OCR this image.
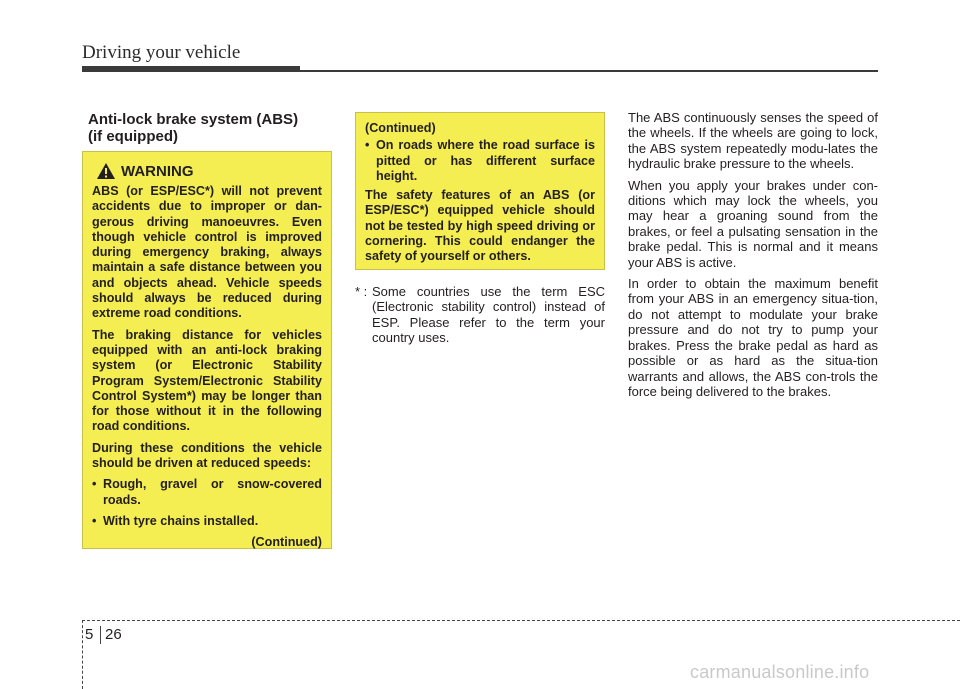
Driving your vehicle
Anti-lock brake system (ABS)
(if equipped)
WARNING

ABS (or ESP/ESC*) will not prevent accidents due to improper or dan-gerous driving manoeuvres. Even though vehicle control is improved during emergency braking, always maintain a safe distance between you and objects ahead. Vehicle speeds should always be reduced during extreme road conditions.

The braking distance for vehicles equipped with an anti-lock braking system (or Electronic Stability Program System/Electronic Stability Control System*) may be longer than for those without it in the following road conditions.

During these conditions the vehicle should be driven at reduced speeds:

• Rough, gravel or snow-covered roads.
• With tyre chains installed.
(Continued)

(Continued)

• On roads where the road surface is pitted or has different surface height.

The safety features of an ABS (or ESP/ESC*) equipped vehicle should not be tested by high speed driving or cornering. This could endanger the safety of yourself or others.

* : Some countries use the term ESC (Electronic stability control) instead of ESP. Please refer to the term your country uses.

The ABS continuously senses the speed of the wheels. If the wheels are going to lock, the ABS system repeatedly modu-lates the hydraulic brake pressure to the wheels.

When you apply your brakes under con-ditions which may lock the wheels, you may hear a groaning sound from the brakes, or feel a pulsating sensation in the brake pedal. This is normal and it means your ABS is active.

In order to obtain the maximum benefit from your ABS in an emergency situa-tion, do not attempt to modulate your brake pressure and do not try to pump your brakes. Press the brake pedal as hard as possible or as hard as the situa-tion warrants and allows, the ABS con-trols the force being delivered to the brakes.

5 26
carmanualsonline.info
